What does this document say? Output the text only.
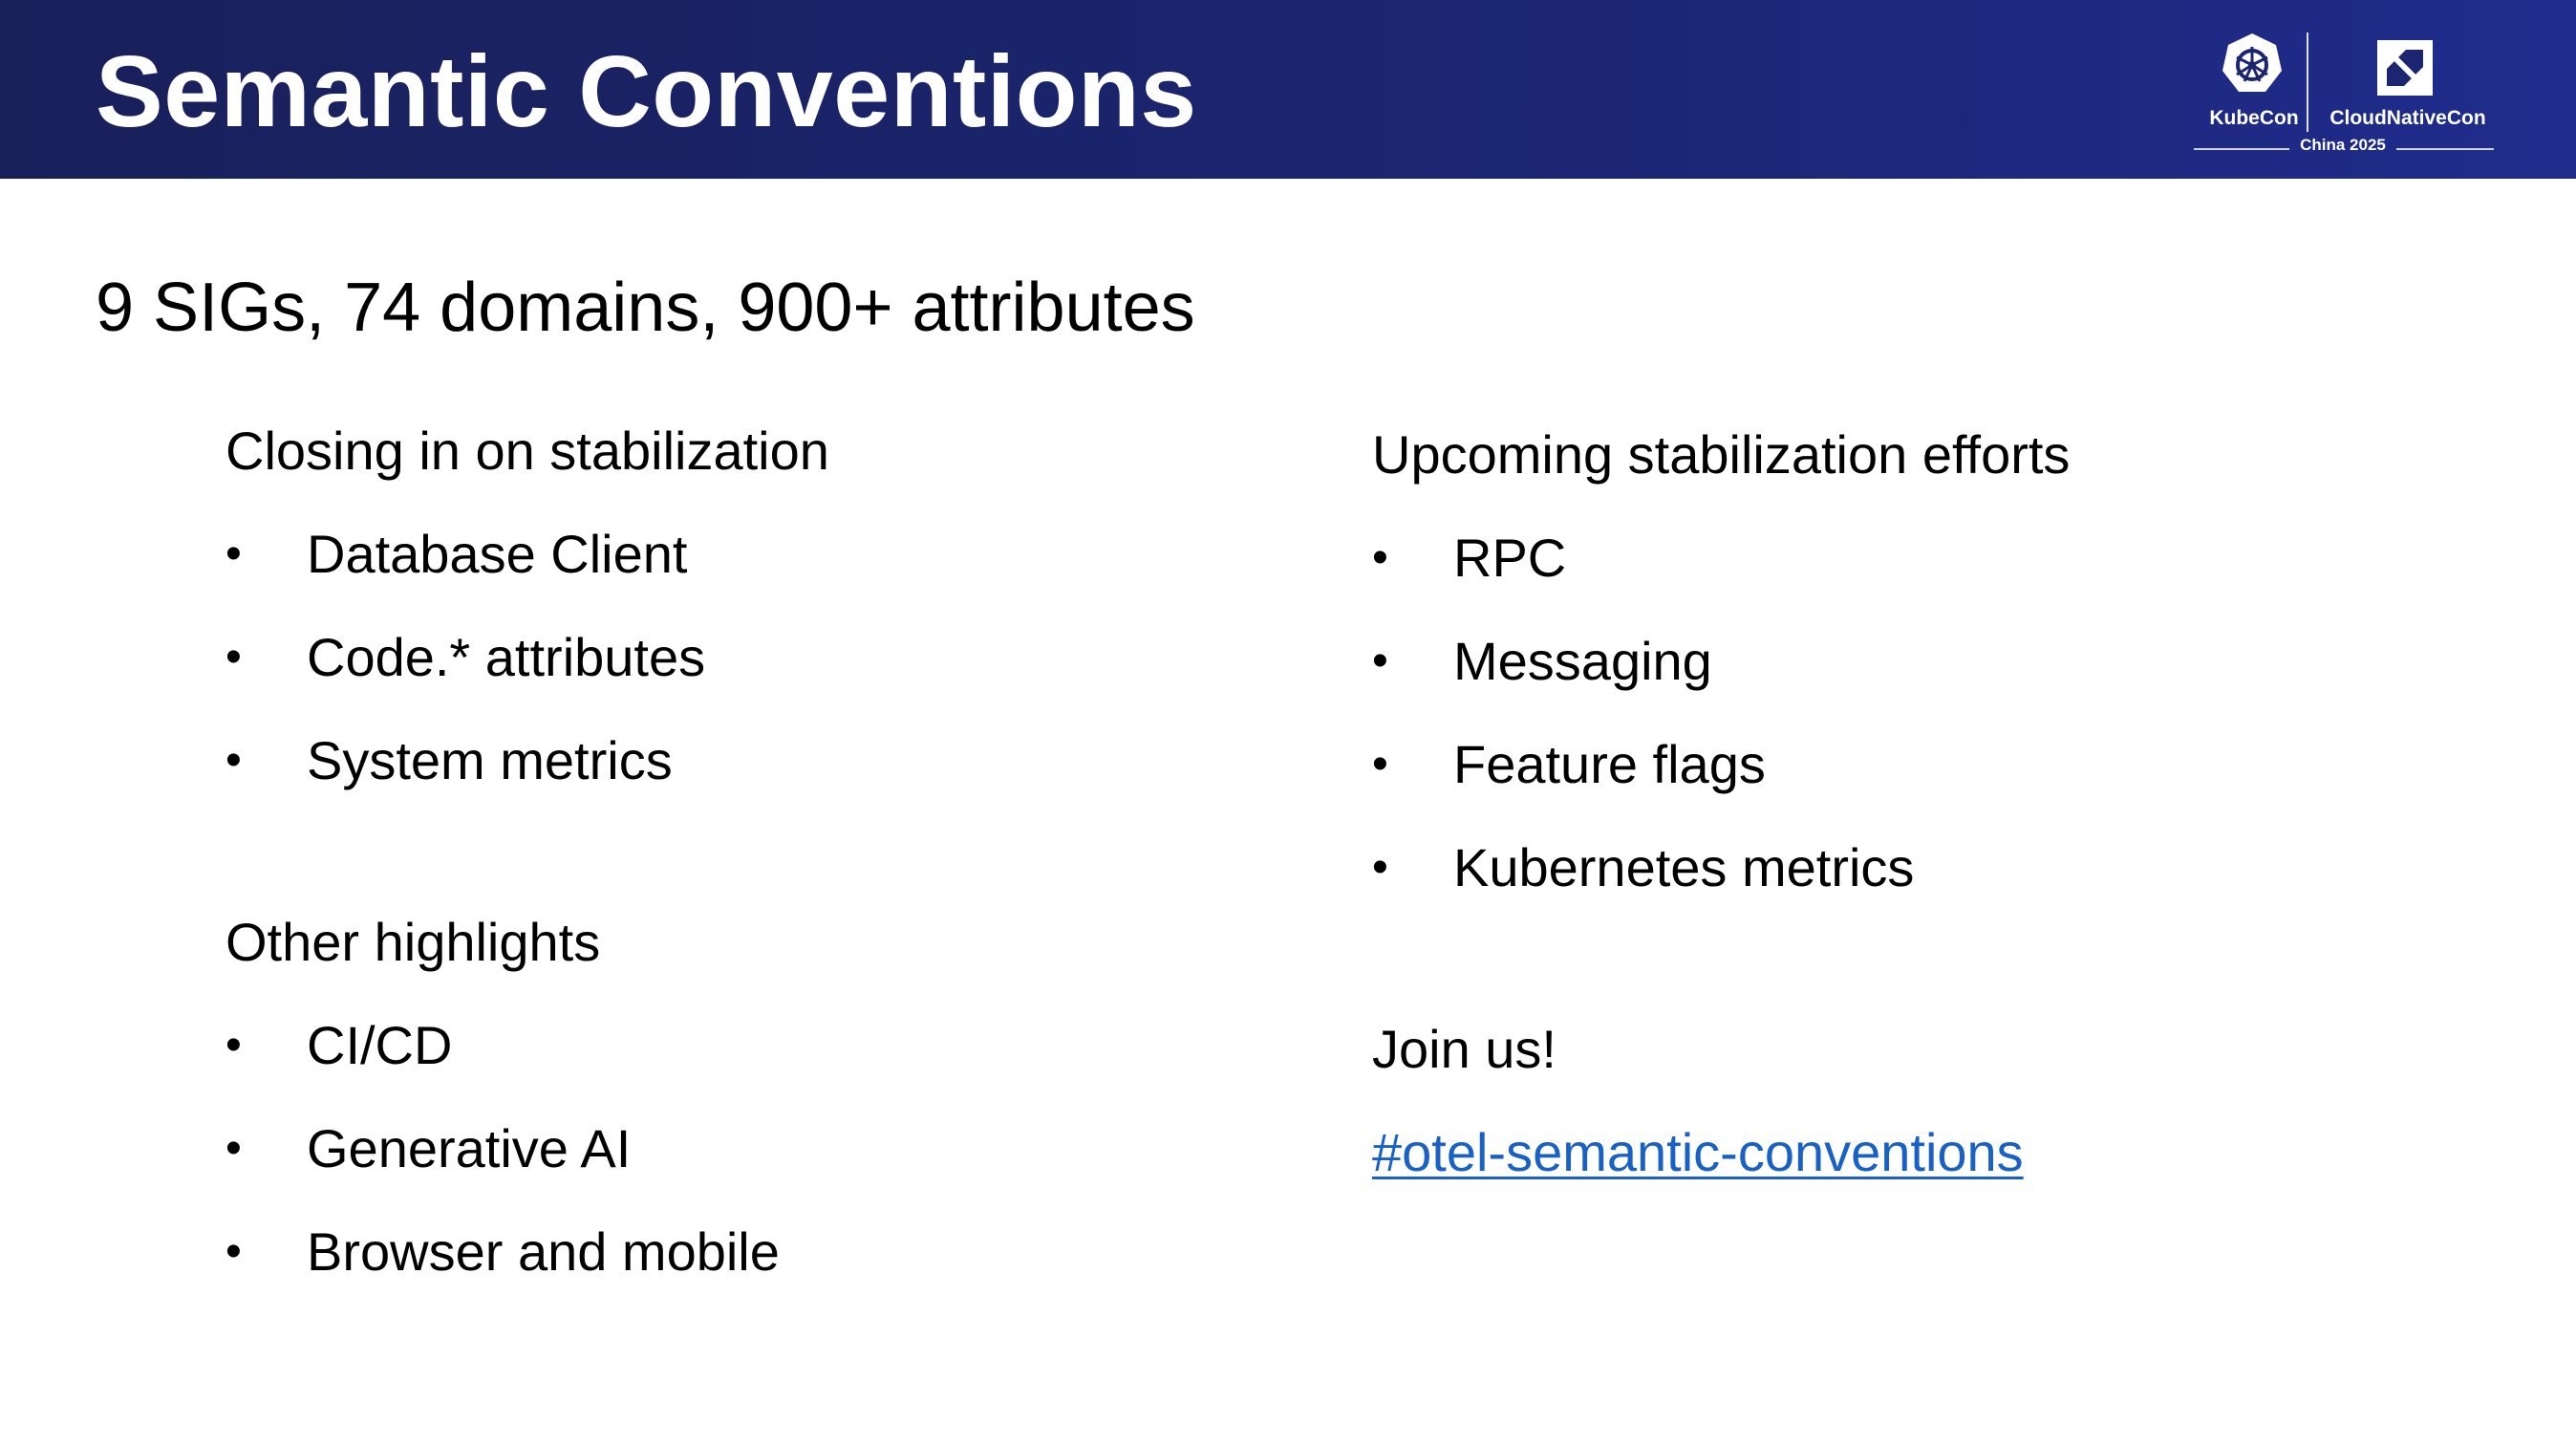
Semantic Conventions	KubeCon	CloudNativeCon
China 2025
9 SIGs, 74 domains, 900+ attributes
Closing in on stabilization
•	Database Client
•	Code.* attributes
•	System metrics
Other highlights
•	CI/CD
•	Generative AI
•	Browser and mobile
Upcoming stabilization efforts
•	RPC
•	Messaging
•	Feature flags
•	Kubernetes metrics
Join us!
#otel-semantic-conventions
